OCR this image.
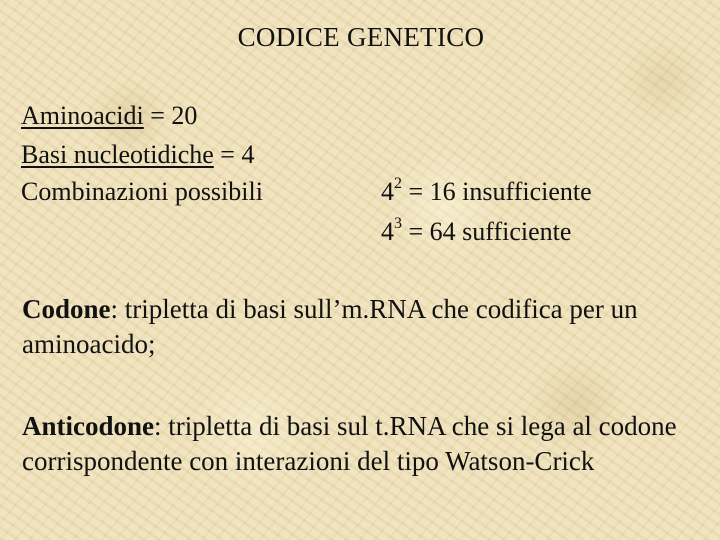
CODICE GENETICO
Aminoacidi = 20
Basi nucleotidiche = 4
Combinazioni possibili	$4^2 = 16$ insufficiente
$4^3 = 64$ sufficiente
Codone: tripletta di basi sull’m.RNA che codifica per un aminoacido;
Anticodone: tripletta di basi sul t.RNA che si lega al codone corrispondente con interazioni del tipo Watson-Crick
